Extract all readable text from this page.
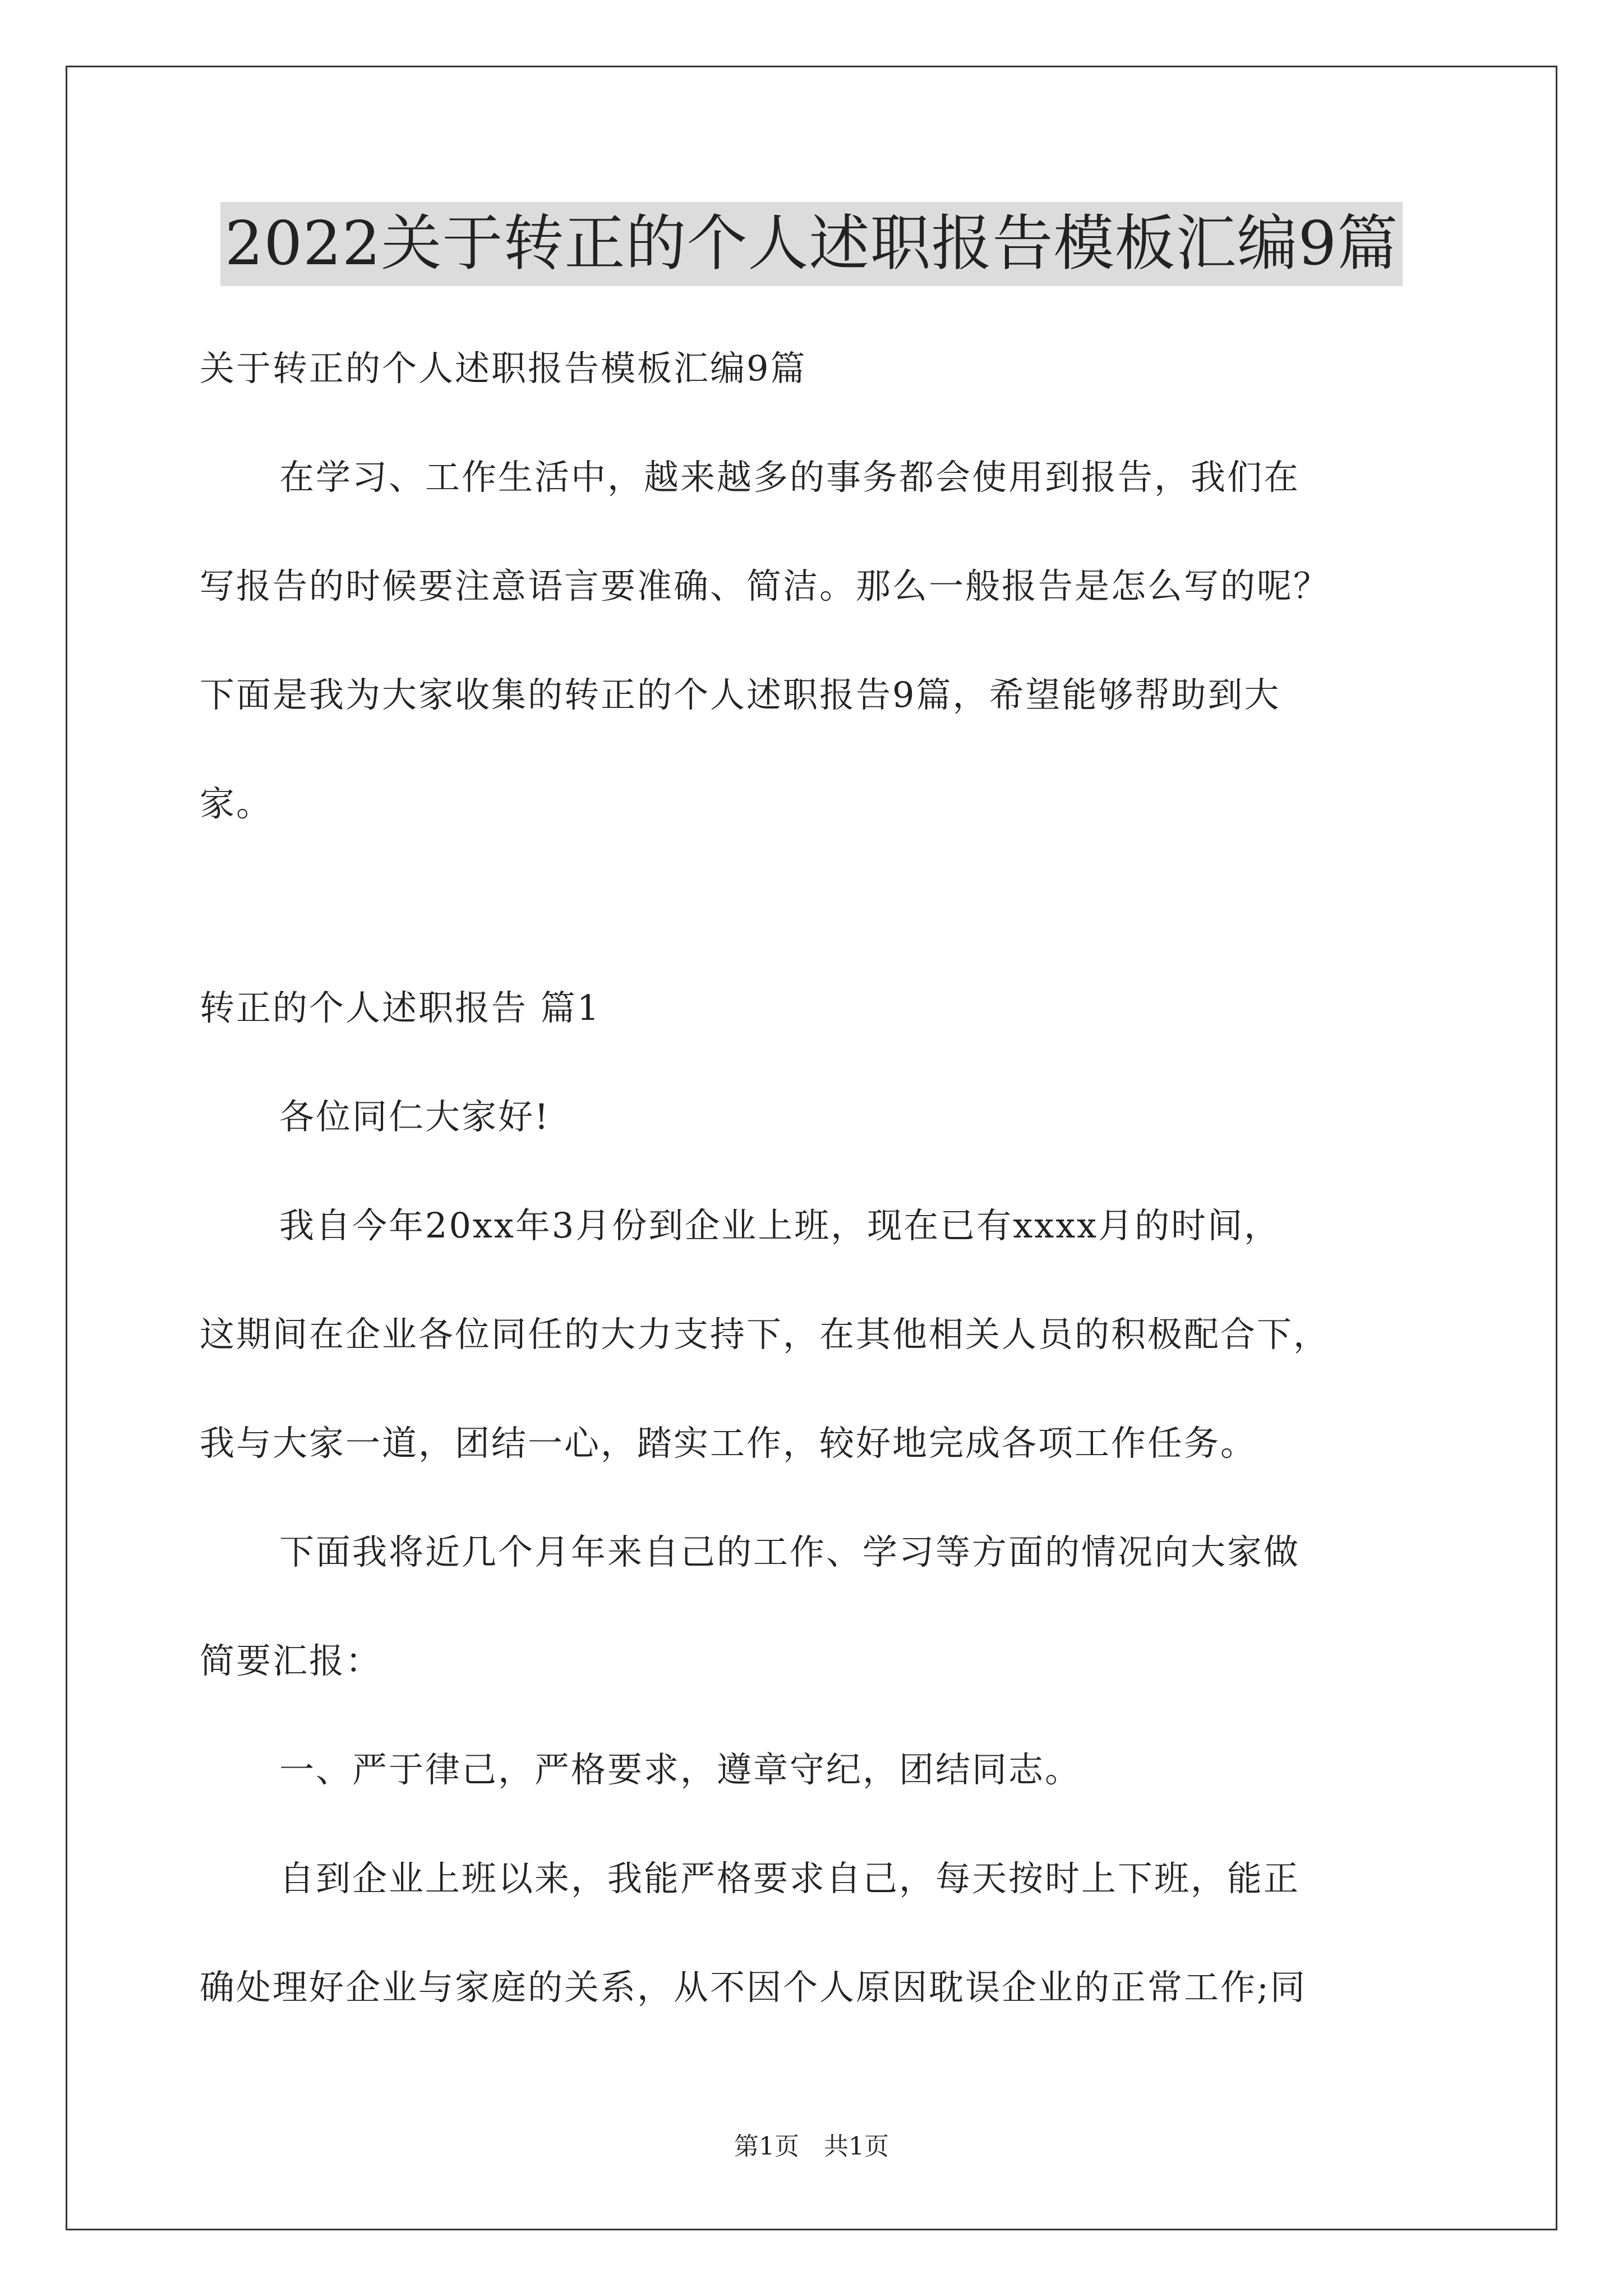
2022关于转正的个人述职报告模板汇编9篇
关于转正的个人述职报告模板汇编9篇
在学习、工作生活中，越来越多的事务都会使用到报告，我们在
写报告的时候要注意语言要准确、简洁。那么一般报告是怎么写的呢？
下面是我为大家收集的转正的个人述职报告9篇，希望能够帮助到大
家。
转正的个人述职报告 篇1
各位同仁大家好!
我自今年20xx年3月份到企业上班，现在已有xxxx月的时间，
这期间在企业各位同任的大力支持下，在其他相关人员的积极配合下，
我与大家一道，团结一心，踏实工作，较好地完成各项工作任务。
下面我将近几个月年来自己的工作、学习等方面的情况向大家做
简要汇报：
一、严于律己，严格要求，遵章守纪，团结同志。
自到企业上班以来，我能严格要求自己，每天按时上下班，能正
确处理好企业与家庭的关系，从不因个人原因耽误企业的正常工作;同
第1页　共1页
